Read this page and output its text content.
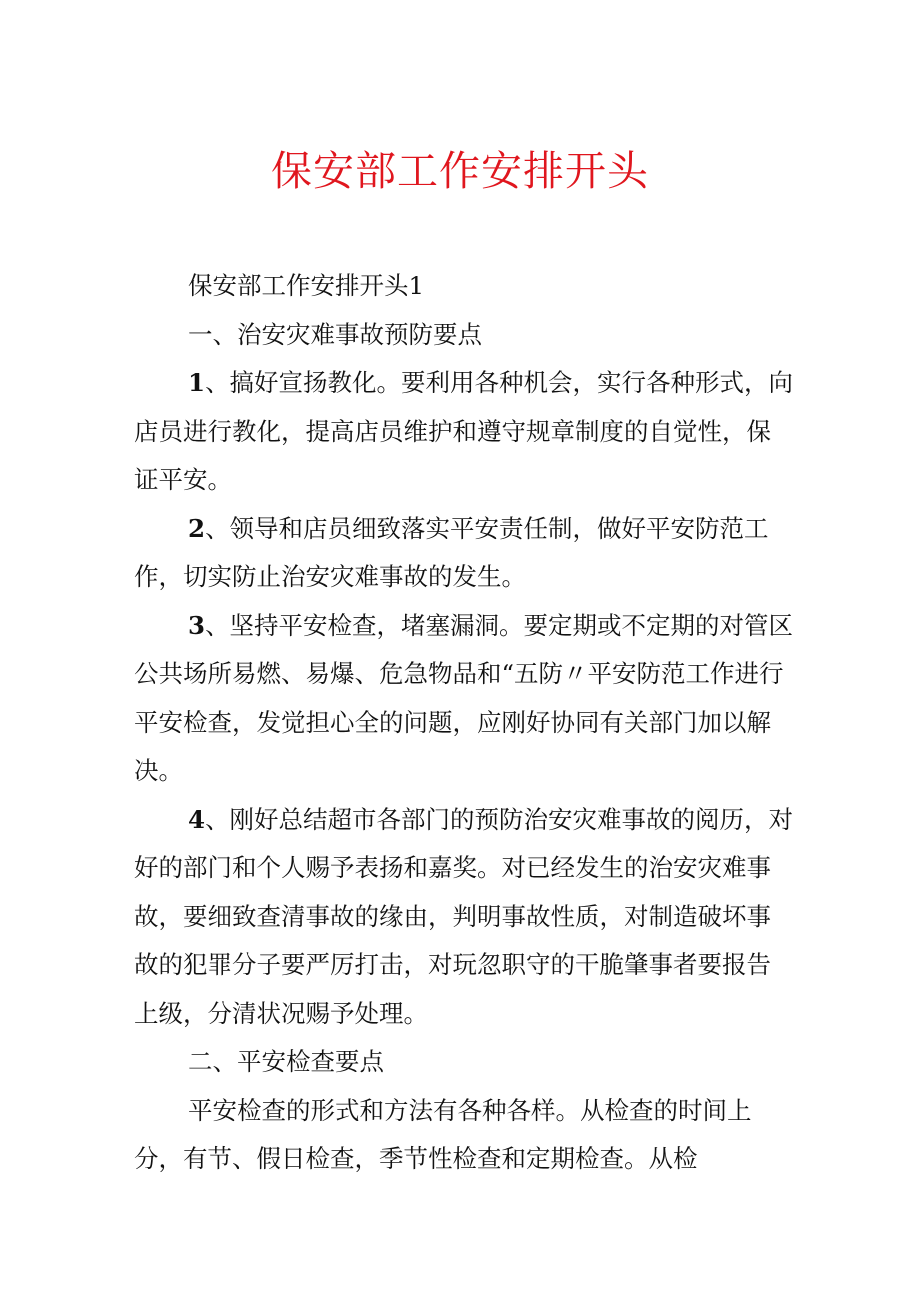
保安部工作安排开头

保安部工作安排开头1

一、治安灾难事故预防要点

1、搞好宣扬教化。要利用各种机会，实行各种形式，向店员进行教化，提高店员维护和遵守规章制度的自觉性，保证平安。

2、领导和店员细致落实平安责任制，做好平安防范工作，切实防止治安灾难事故的发生。

3、坚持平安检查，堵塞漏洞。要定期或不定期的对管区公共场所易燃、易爆、危急物品和“五防〃平安防范工作进行平安检查，发觉担心全的问题，应刚好协同有关部门加以解决。

4、刚好总结超市各部门的预防治安灾难事故的阅历，对好的部门和个人赐予表扬和嘉奖。对已经发生的治安灾难事故，要细致查清事故的缘由，判明事故性质，对制造破坏事故的犯罪分子要严厉打击，对玩忽职守的干脆肇事者要报告上级，分清状况赐予处理。

二、平安检查要点

平安检查的形式和方法有各种各样。从检查的时间上分，有节、假日检查，季节性检查和定期检查。从检
